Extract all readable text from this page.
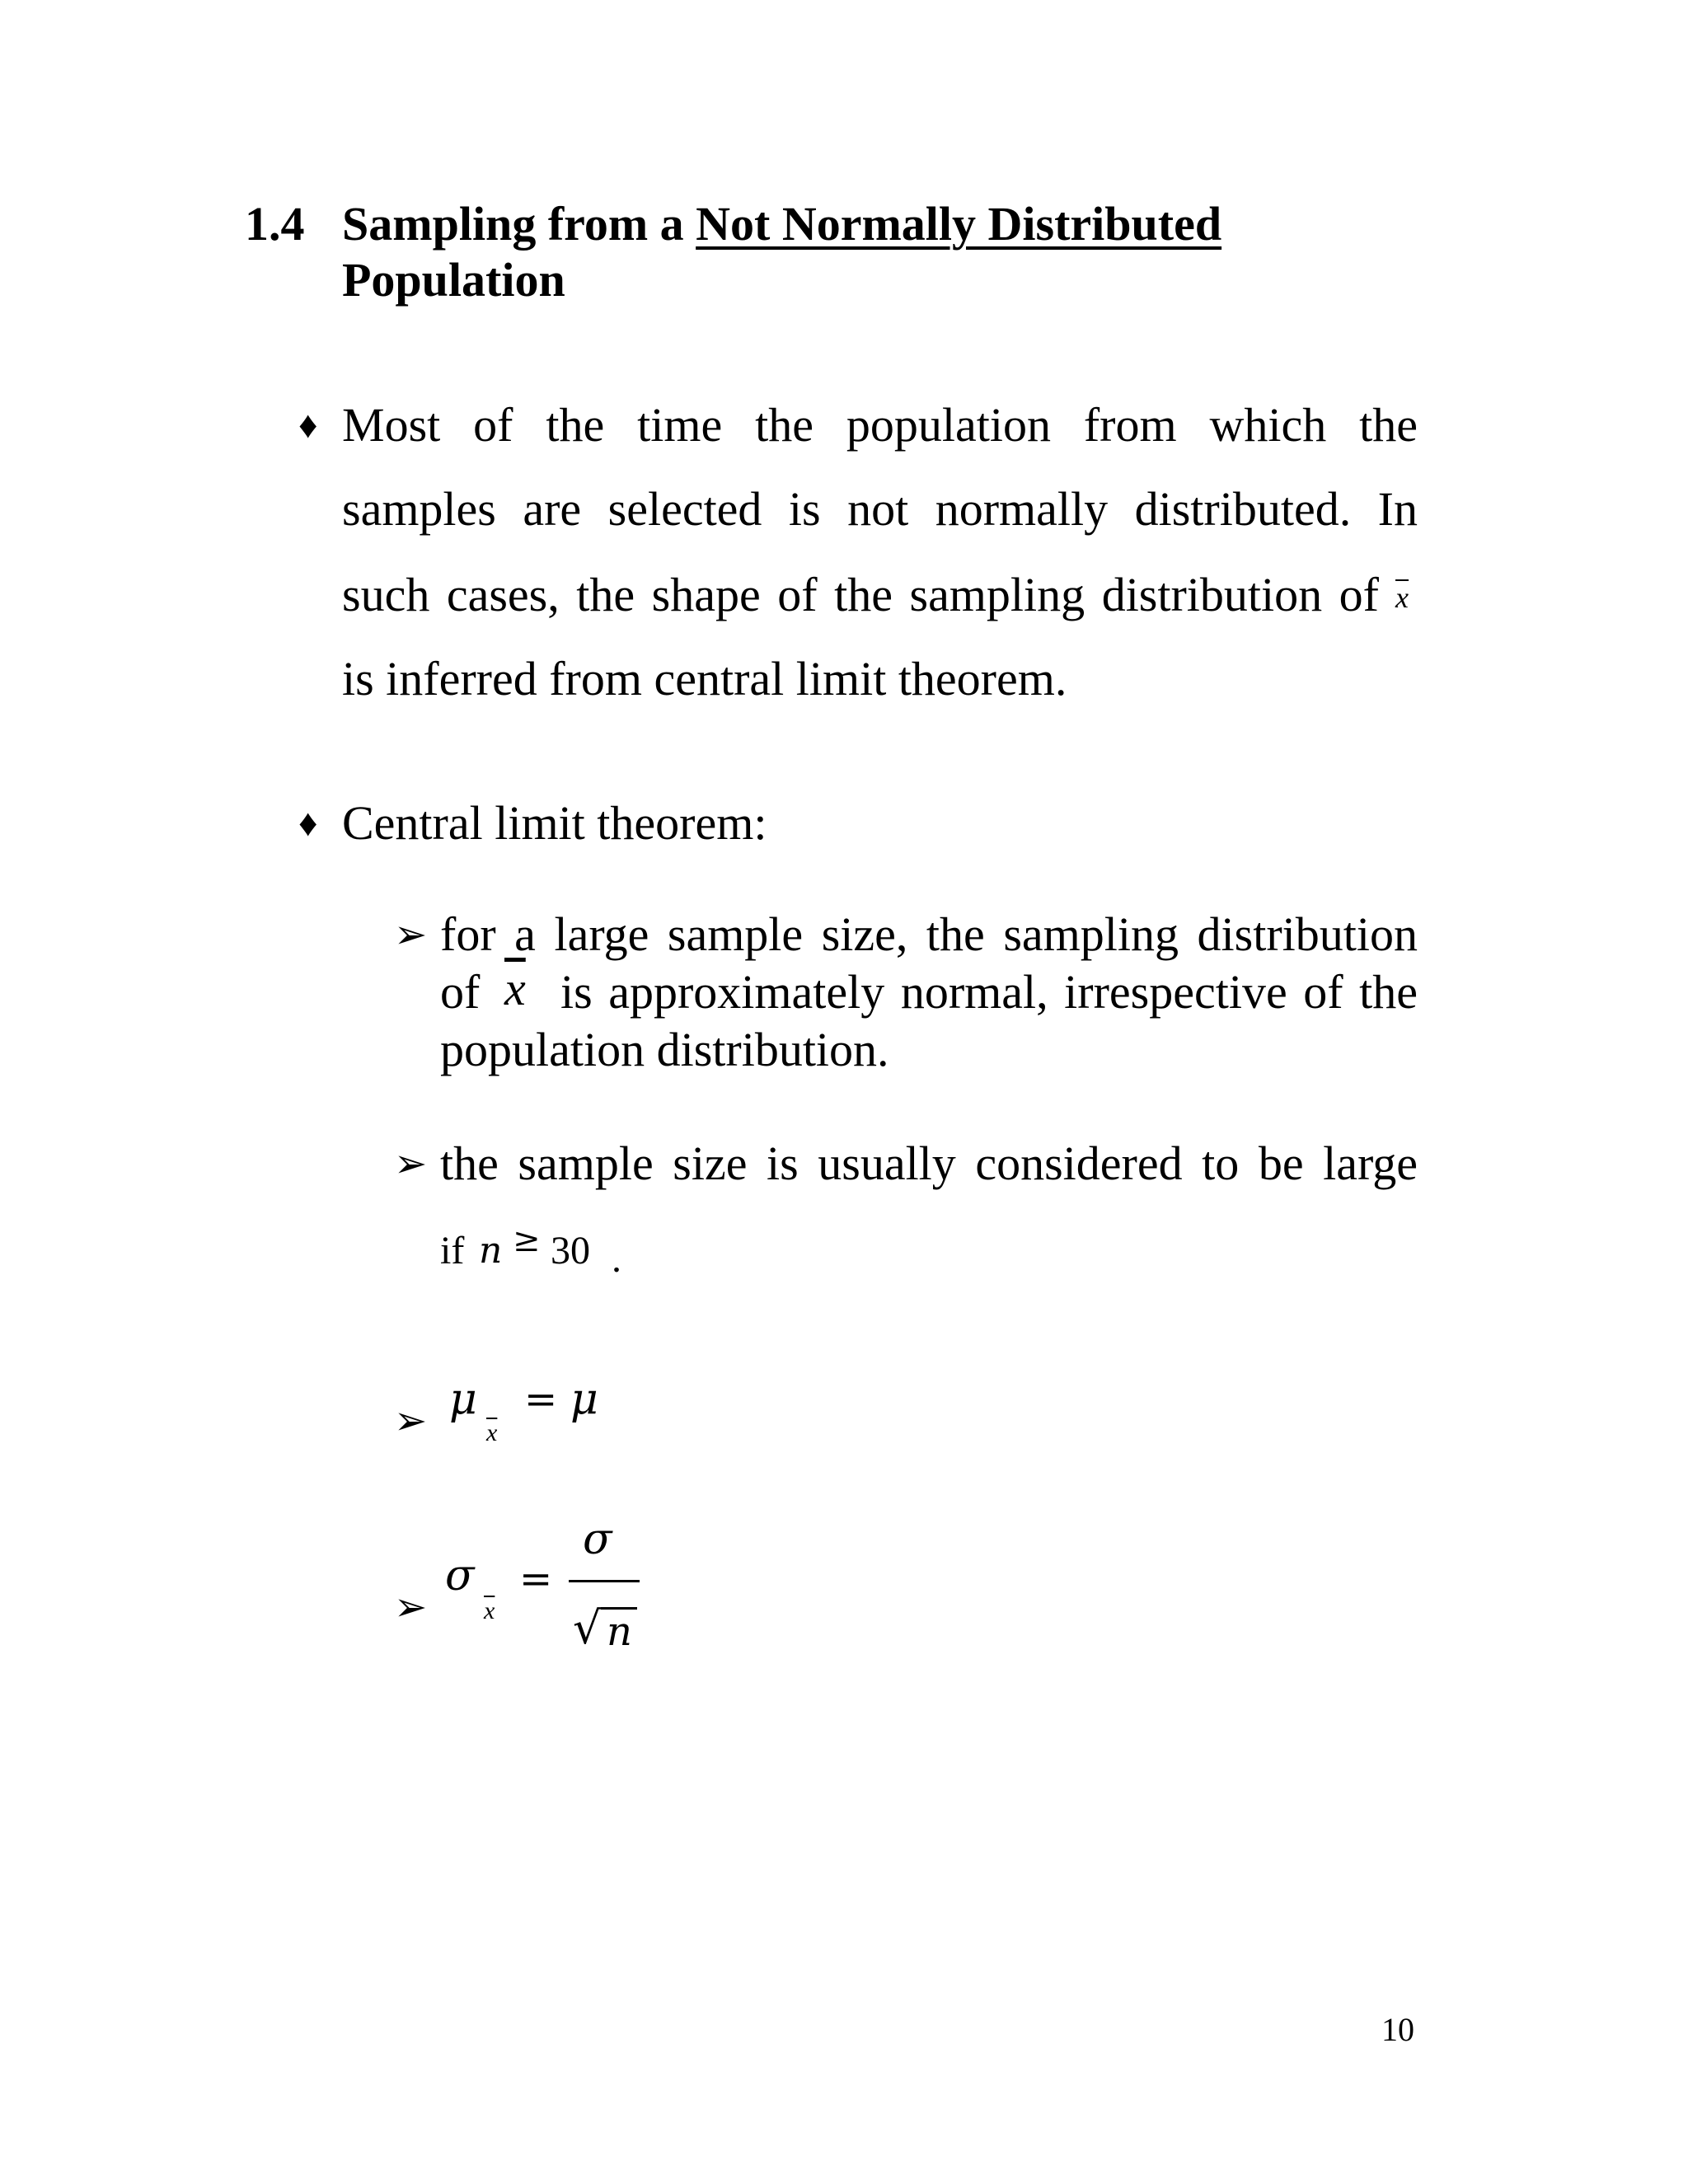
1.4 Sampling from a Not Normally Distributed
Population
♦ Most of the time the population from which the
samples are selected is not normally distributed. In
such cases, the shape of the sampling distribution of $\overline{x}$
is inferred from central limit theorem.
♦ Central limit theorem:
➢ for a large sample size, the sampling distribution
of $\overline{x}$ is approximately normal, irrespective of the
population distribution.
➢ the sample size is usually considered to be large
if n ≥ 30 .
➢ μ
$\overline{x}$
= μ
➢
σ
$\overline{x}$
=
σ
√ n
10
